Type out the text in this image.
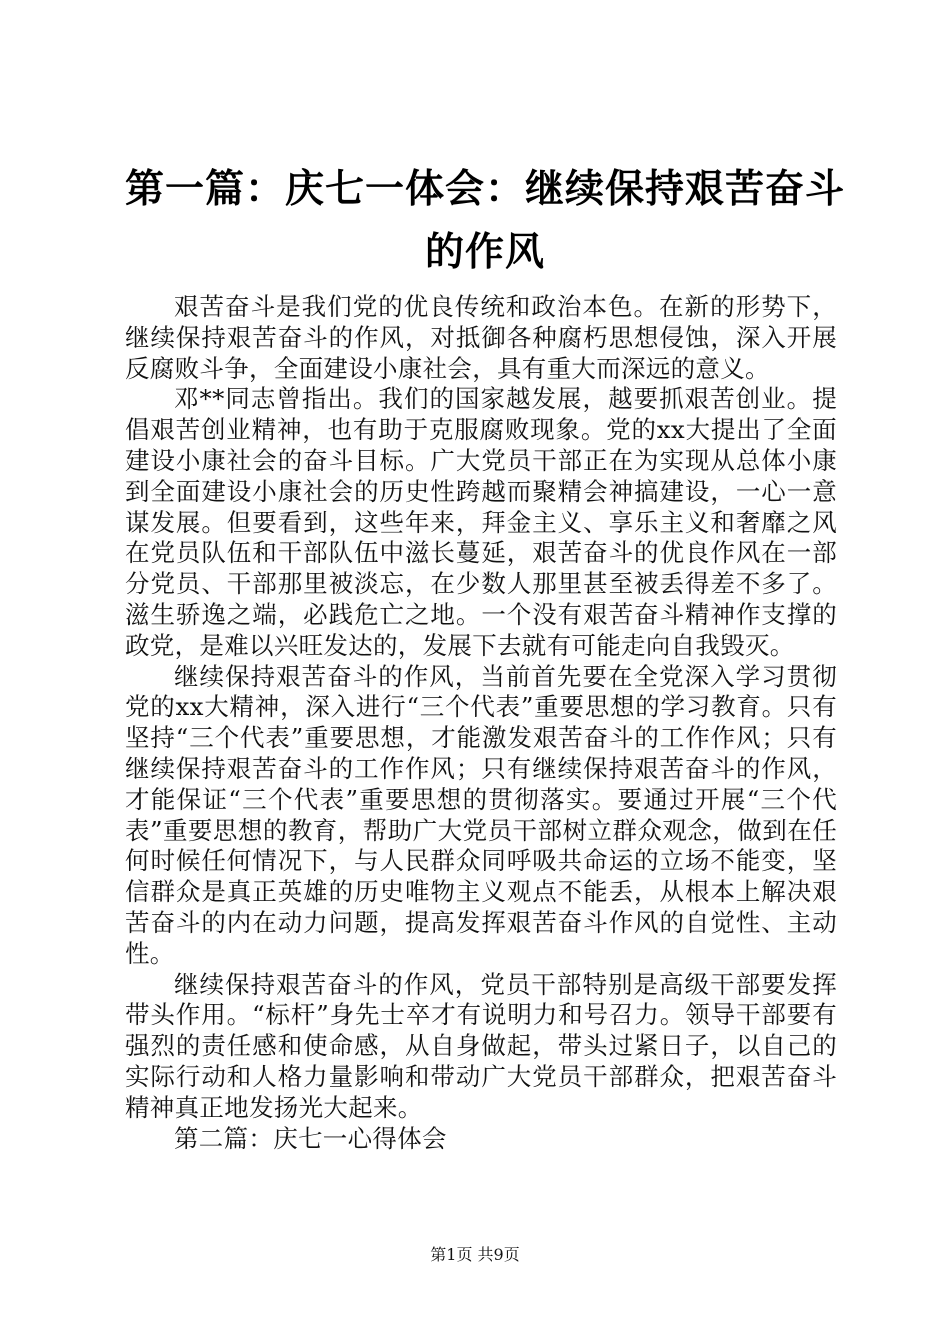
第一篇：庆七一体会：继续保持艰苦奋斗的作风

艰苦奋斗是我们党的优良传统和政治本色。在新的形势下，继续保持艰苦奋斗的作风，对抵御各种腐朽思想侵蚀，深入开展反腐败斗争，全面建设小康社会，具有重大而深远的意义。

邓**同志曾指出。我们的国家越发展，越要抓艰苦创业。提倡艰苦创业精神，也有助于克服腐败现象。党的xx大提出了全面建设小康社会的奋斗目标。广大党员干部正在为实现从总体小康到全面建设小康社会的历史性跨越而聚精会神搞建设，一心一意谋发展。但要看到，这些年来，拜金主义、享乐主义和奢靡之风在党员队伍和干部队伍中滋长蔓延，艰苦奋斗的优良作风在一部分党员、干部那里被淡忘，在少数人那里甚至被丢得差不多了。滋生骄逸之端，必践危亡之地。一个没有艰苦奋斗精神作支撑的政党，是难以兴旺发达的，发展下去就有可能走向自我毁灭。

继续保持艰苦奋斗的作风，当前首先要在全党深入学习贯彻党的xx大精神，深入进行“三个代表”重要思想的学习教育。只有坚持“三个代表”重要思想，才能激发艰苦奋斗的工作作风；只有继续保持艰苦奋斗的工作作风；只有继续保持艰苦奋斗的作风，才能保证“三个代表”重要思想的贯彻落实。要通过开展“三个代表”重要思想的教育，帮助广大党员干部树立群众观念，做到在任何时候任何情况下，与人民群众同呼吸共命运的立场不能变，坚信群众是真正英雄的历史唯物主义观点不能丢，从根本上解决艰苦奋斗的内在动力问题，提高发挥艰苦奋斗作风的自觉性、主动性。

继续保持艰苦奋斗的作风，党员干部特别是高级干部要发挥带头作用。“标杆”身先士卒才有说明力和号召力。领导干部要有强烈的责任感和使命感，从自身做起，带头过紧日子，以自己的实际行动和人格力量影响和带动广大党员干部群众，把艰苦奋斗精神真正地发扬光大起来。

第二篇：庆七一心得体会

第1页 共9页
